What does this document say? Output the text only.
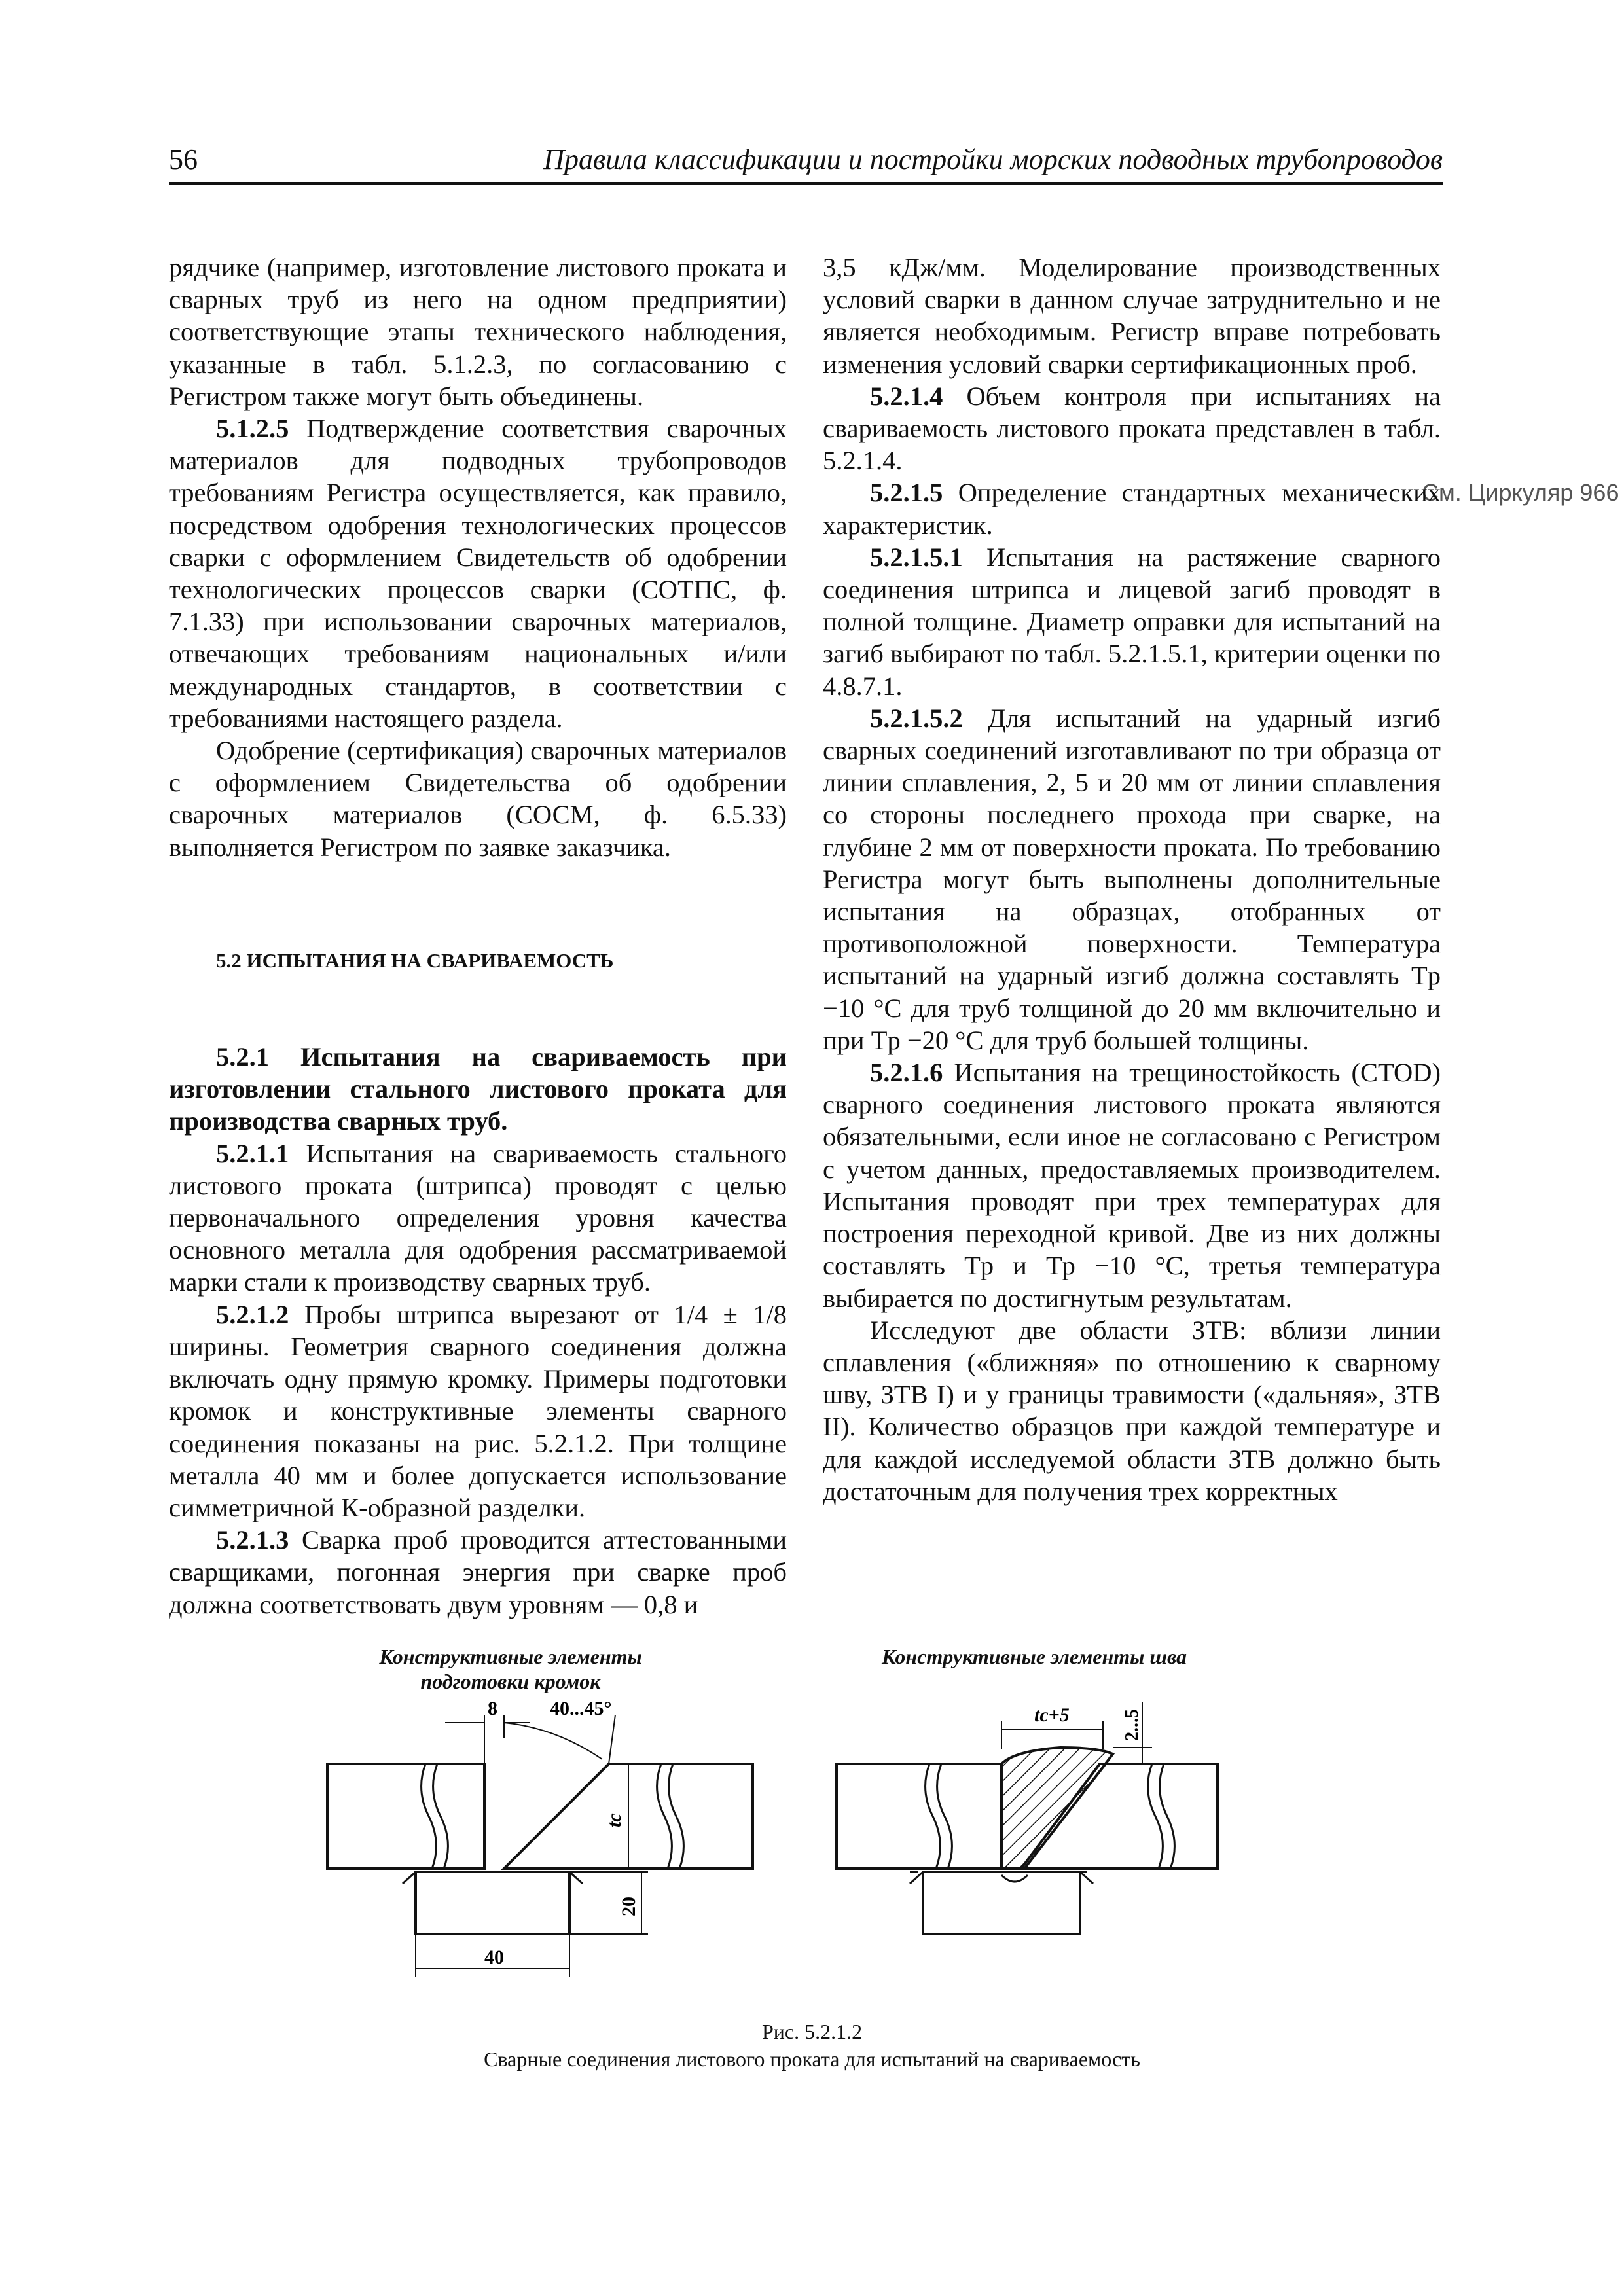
56	Правила классификации и постройки морских подводных трубопроводов
См. Циркуляр 966

рядчике (например, изготовление листового проката и сварных труб из него на одном предприятии) соответствующие этапы технического наблюдения, указанные в табл. 5.1.2.3, по согласованию с Регистром также могут быть объединены.

5.1.2.5 Подтверждение соответствия сварочных материалов для подводных трубопроводов требованиям Регистра осуществляется, как правило, посредством одобрения технологических процессов сварки с оформлением Свидетельств об одобрении технологических процессов сварки (СОТПС, ф. 7.1.33) при использовании сварочных материалов, отвечающих требованиям национальных и/или международных стандартов, в соответствии с требованиями настоящего раздела.

Одобрение (сертификация) сварочных материалов с оформлением Свидетельства об одобрении сварочных материалов (СОСМ, ф. 6.5.33) выполняется Регистром по заявке заказчика.

5.2 ИСПЫТАНИЯ НА СВАРИВАЕМОСТЬ

5.2.1 Испытания на свариваемость при изготовлении стального листового проката для производства сварных труб.

5.2.1.1 Испытания на свариваемость стального листового проката (штрипса) проводят с целью первоначального определения уровня качества основного металла для одобрения рассматриваемой марки стали к производству сварных труб.

5.2.1.2 Пробы штрипса вырезают от 1/4 ± 1/8 ширины. Геометрия сварного соединения должна включать одну прямую кромку. Примеры подготовки кромок и конструктивные элементы сварного соединения показаны на рис. 5.2.1.2. При толщине металла 40 мм и более допускается использование симметричной К-образной разделки.

5.2.1.3 Сварка проб проводится аттестованными сварщиками, погонная энергия при сварке проб должна соответствовать двум уровням — 0,8 и

3,5 кДж/мм. Моделирование производственных условий сварки в данном случае затруднительно и не является необходимым. Регистр вправе потребовать изменения условий сварки сертификационных проб.

5.2.1.4 Объем контроля при испытаниях на свариваемость листового проката представлен в табл. 5.2.1.4.

5.2.1.5 Определение стандартных механических характеристик.

5.2.1.5.1 Испытания на растяжение сварного соединения штрипса и лицевой загиб проводят в полной толщине. Диаметр оправки для испытаний на загиб выбирают по табл. 5.2.1.5.1, критерии оценки по 4.8.7.1.

5.2.1.5.2 Для испытаний на ударный изгиб сварных соединений изготавливают по три образца от линии сплавления, 2, 5 и 20 мм от линии сплавления со стороны последнего прохода при сварке, на глубине 2 мм от поверхности проката. По требованию Регистра могут быть выполнены дополнительные испытания на образцах, отобранных от противоположной поверхности. Температура испытаний на ударный изгиб должна составлять Tp −10 °C для труб толщиной до 20 мм включительно и при Tp −20 °C для труб большей толщины.

5.2.1.6 Испытания на трещиностойкость (CTOD) сварного соединения листового проката являются обязательными, если иное не согласовано с Регистром с учетом данных, предоставляемых производителем. Испытания проводят при трех температурах для построения переходной кривой. Две из них должны составлять Tp и Tp −10 °C, третья температура выбирается по достигнутым результатам.

Исследуют две области ЗТВ: вблизи линии сплавления («ближняя» по отношению к сварному шву, ЗТВ I) и у границы травимости («дальняя», ЗТВ II). Количество образцов при каждой температуре и для каждой исследуемой области ЗТВ должно быть достаточным для получения трех корректных

Конструктивные элементы подготовки кромок
Конструктивные элементы шва
8	40...45°
tc
20
40
tc+5	2...5
Рис. 5.2.1.2
Сварные соединения листового проката для испытаний на свариваемость
